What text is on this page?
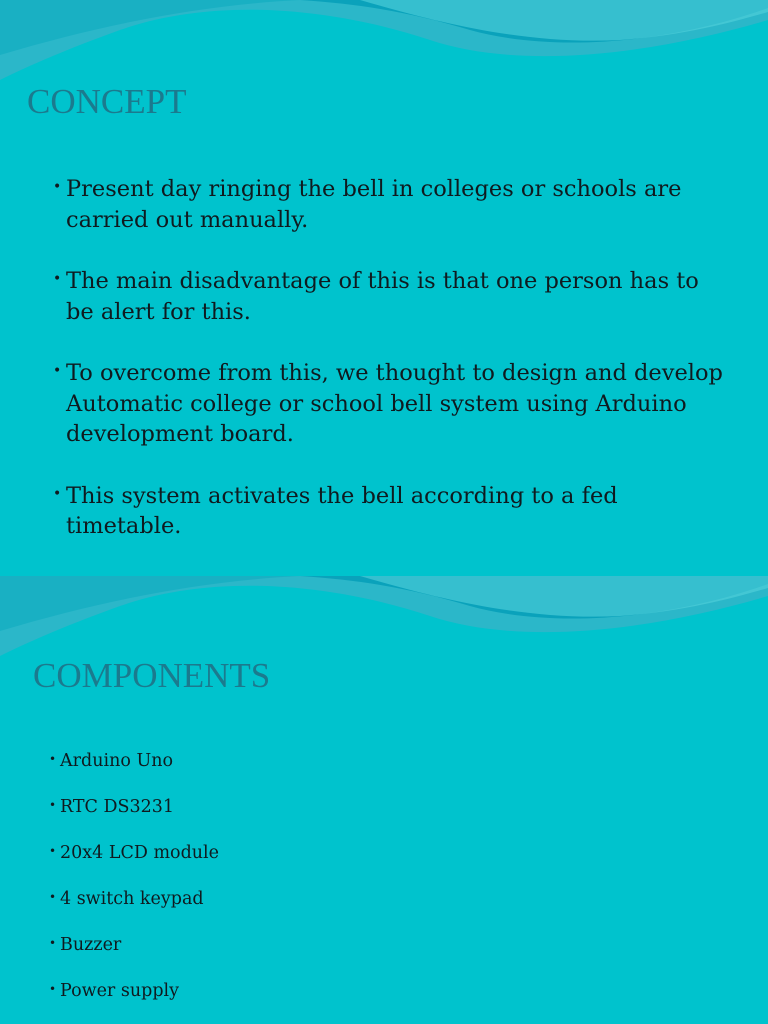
CONCEPT
• Present day ringing the bell in colleges or schools are carried out manually.
• The main disadvantage of this is that one person has to be alert for this.
• To overcome from this, we thought to design and develop Automatic college or school bell system using Arduino development board.
• This system activates the bell according to a fed timetable.
COMPONENTS
• Arduino Uno
• RTC DS3231
• 20x4 LCD module
• 4 switch keypad
• Buzzer
• Power supply
